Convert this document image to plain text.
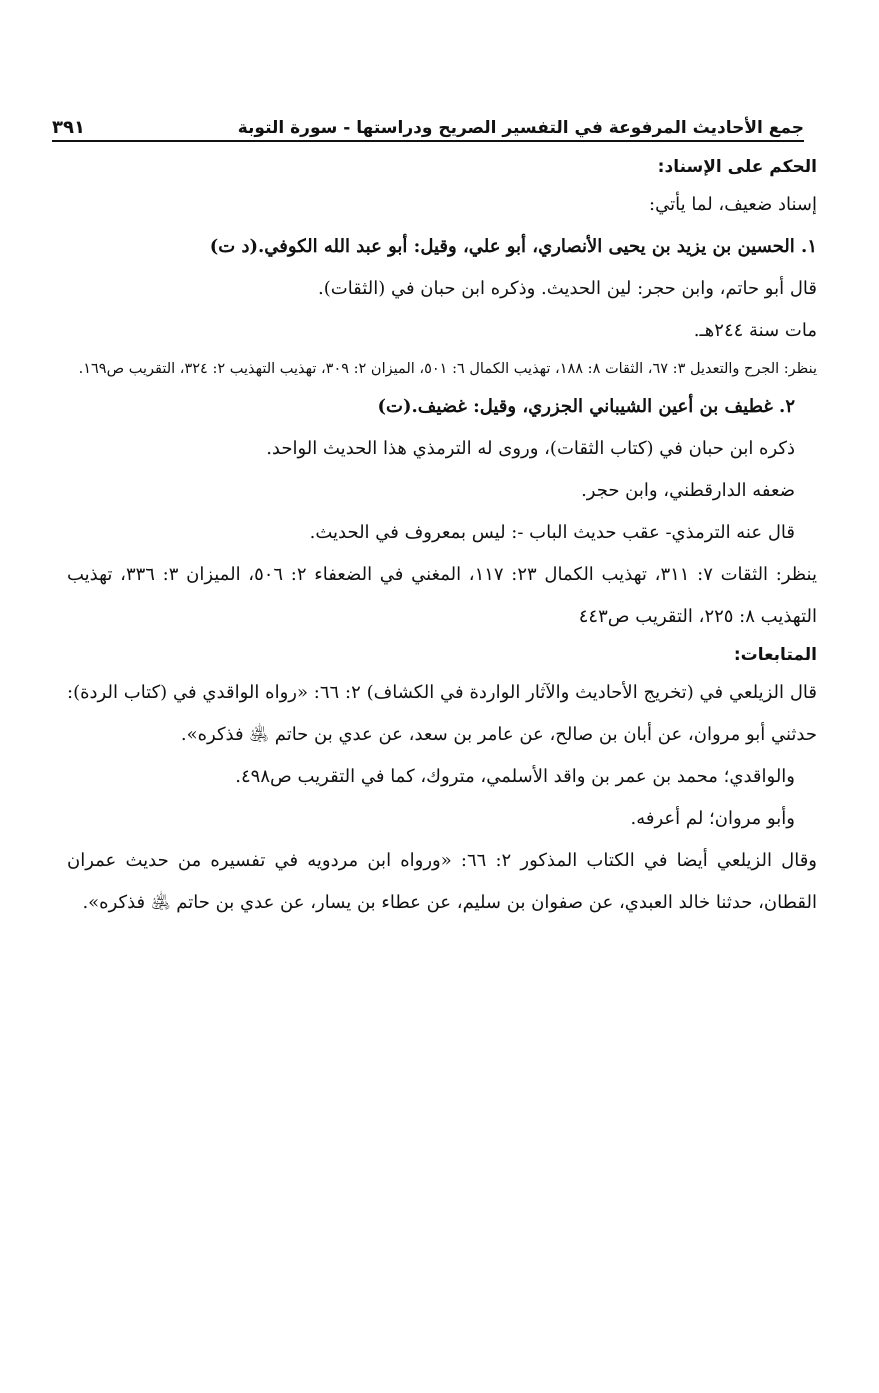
جمع الأحاديث المرفوعة في التفسير الصريح ودراستها - سورة التوبة
٣٩١

الحكم على الإسناد:

إسناد ضعيف، لما يأتي:

١. الحسين بن يزيد بن يحيى الأنصاري، أبو علي، وقيل: أبو عبد الله الكوفي.(د ت)

قال أبو حاتم، وابن حجر: لين الحديث. وذكره ابن حبان في (الثقات).

مات سنة ٢٤٤هـ.

ينظر: الجرح والتعديل ٣: ٦٧، الثقات ٨: ١٨٨، تهذيب الكمال ٦: ٥٠١، الميزان ٢: ٣٠٩، تهذيب التهذيب ٢: ٣٢٤، التقريب ص١٦٩.

٢. غطيف بن أعين الشيباني الجزري، وقيل: غضيف.(ت)

ذكره ابن حبان في (كتاب الثقات)، وروى له الترمذي هذا الحديث الواحد.

ضعفه الدارقطني، وابن حجر.

قال عنه الترمذي- عقب حديث الباب -: ليس بمعروف في الحديث.

ينظر: الثقات ٧: ٣١١، تهذيب الكمال ٢٣: ١١٧، المغني في الضعفاء ٢: ٥٠٦، الميزان ٣: ٣٣٦، تهذيب التهذيب ٨: ٢٢٥، التقريب ص٤٤٣

المتابعات:

قال الزيلعي في (تخريج الأحاديث والآثار الواردة في الكشاف) ٢: ٦٦: «رواه الواقدي في (كتاب الردة): حدثني أبو مروان، عن أبان بن صالح، عن عامر بن سعد، عن عدي بن حاتم ﵁ فذكره».

والواقدي؛ محمد بن عمر بن واقد الأسلمي، متروك، كما في التقريب ص٤٩٨.

وأبو مروان؛ لم أعرفه.

وقال الزيلعي أيضا في الكتاب المذكور ٢: ٦٦: «ورواه ابن مردويه في تفسيره من حديث عمران القطان، حدثنا خالد العبدي، عن صفوان بن سليم، عن عطاء بن يسار، عن عدي بن حاتم ﵁ فذكره».
